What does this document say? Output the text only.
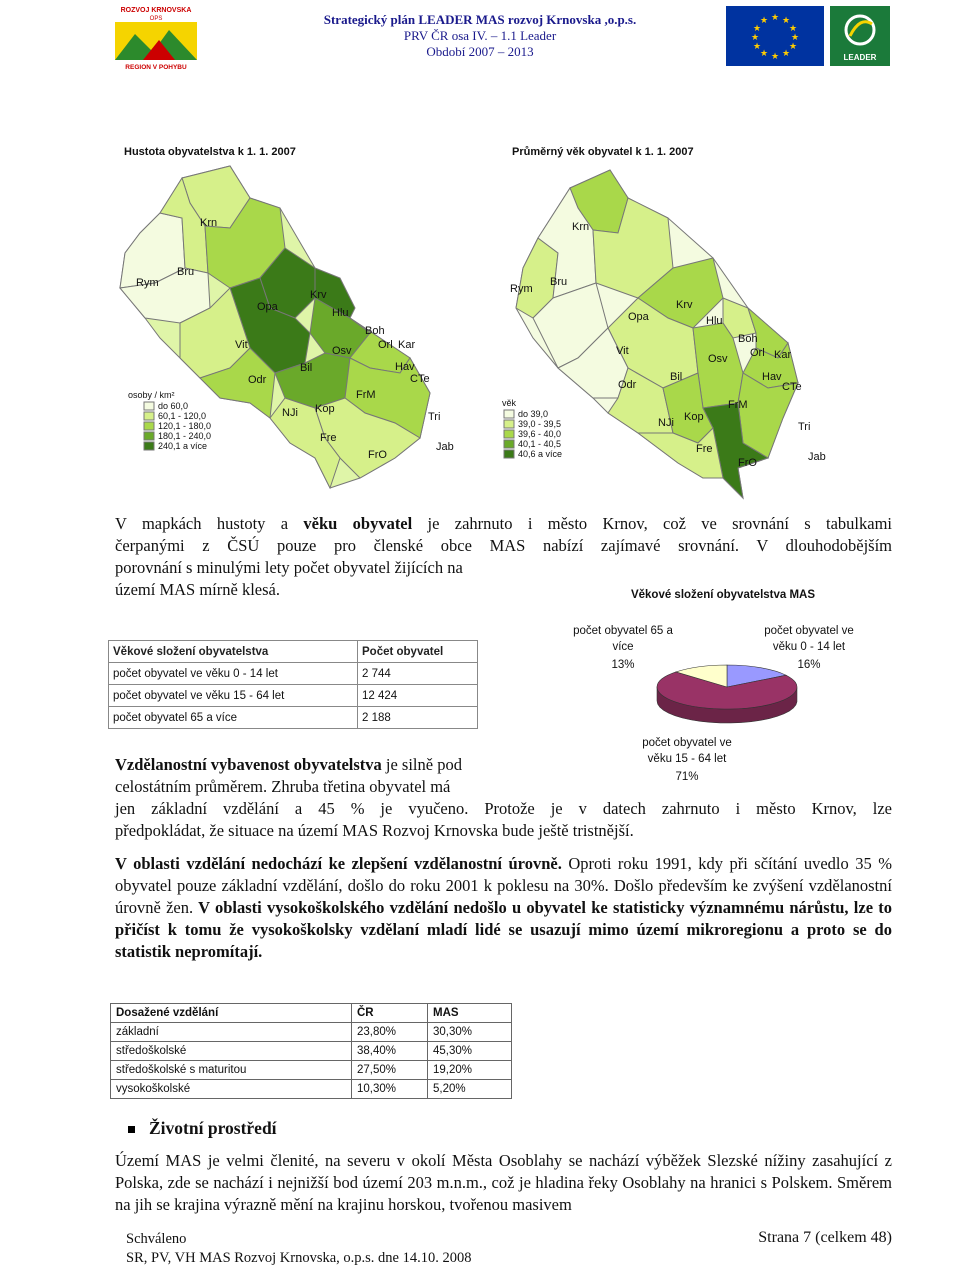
ROZVOJ KRNOVSKA
OPS
REGION V POHYBU
Strategický plán LEADER MAS rozvoj Krnovska ,o.p.s.
PRV ČR osa IV. – 1.1 Leader
Období 2007 – 2013
★ ★
★
★
★
★
★
★
★
★
★
★
LEADER
Hustota obyvatelstva k 1. 1. 2007	Průměrný věk obyvatel k 1. 1. 2007
Krn
Rym
Bru
Krv
Opa	Hlu
Boh
Orl Kar
Vit	Osv
Hav
CTe
Odr
Bil
NJi Kop
FrM
Tri
Fre
Jab
FrO
osoby / km²
do 60,0
60,1 - 120,0
120,1 - 180,0
180,1 - 240,0
240,1 a více
Krn
Rym
Bru
Krv
Opa	Hlu
Boh
Orl Kar
Vit
Osv
Hav
CTe
Odr
Bil
NJi Kop
FrM
Tri
Fre
Jab
FrO
věk
do 39,0
39,0 - 39,5
39,6 - 40,0
40,1 - 40,5
40,6 a více
V mapkách hustoty a věku obyvatel je zahrnuto i město Krnov, což ve srovnání s tabulkami
čerpanými z ČSÚ pouze pro členské obce MAS nabízí zajímavé srovnání. V dlouhodobějším
porovnání s minulými lety počet obyvatel žijících na
území MAS mírně klesá.
Věkové složení obyvatelstva	Počet obyvatel
počet obyvatel ve věku 0 - 14 let	2 744
počet obyvatel ve věku 15 - 64 let	12 424
počet obyvatel 65 a více	2 188
Věkové složení obyvatelstva MAS
počet obyvatel 65 a
více
13%
počet obyvatel ve
věku 0 - 14 let
16%
počet obyvatel ve
věku 15 - 64 let
71%
Vzdělanostní vybavenost obyvatelstva je silně pod
celostátním průměrem. Zhruba třetina obyvatel má
jen základní vzdělání a 45 % je vyučeno. Protože je v datech zahrnuto i město Krnov, lze
předpokládat, že situace na území MAS Rozvoj Krnovska bude ještě tristnější.
V oblasti vzdělání nedochází ke zlepšení vzdělanostní úrovně. Oproti roku 1991, kdy při sčítání uvedlo 35 % obyvatel pouze základní vzdělání, došlo do roku 2001 k poklesu na 30%. Došlo především ke zvýšení vzdělanostní úrovně žen. V oblasti vysokoškolského vzdělání nedošlo u obyvatel ke statisticky významnému nárůstu, lze to přičíst k tomu že vysokoškolsky vzdělaní mladí lidé se usazují mimo území mikroregionu a proto se do statistik nepromítají.
Dosažené vzdělání	ČR	MAS
základní	23,80%	30,30%
středoškolské	38,40%	45,30%
středoškolské s maturitou	27,50%	19,20%
vysokoškolské	10,30%	5,20%
Životní prostředí
Území MAS je velmi členité, na severu v okolí Města Osoblahy se nachází výběžek Slezské nížiny zasahující z Polska, zde se nachází i nejnižší bod území 203 m.n.m., což je hladina řeky Osoblahy na hranici s Polskem. Směrem na jih se krajina výrazně mění na krajinu horskou, tvořenou masivem
Schváleno
SR, PV, VH MAS Rozvoj Krnovska, o.p.s. dne 14.10. 2008
Strana 7 (celkem 48)
